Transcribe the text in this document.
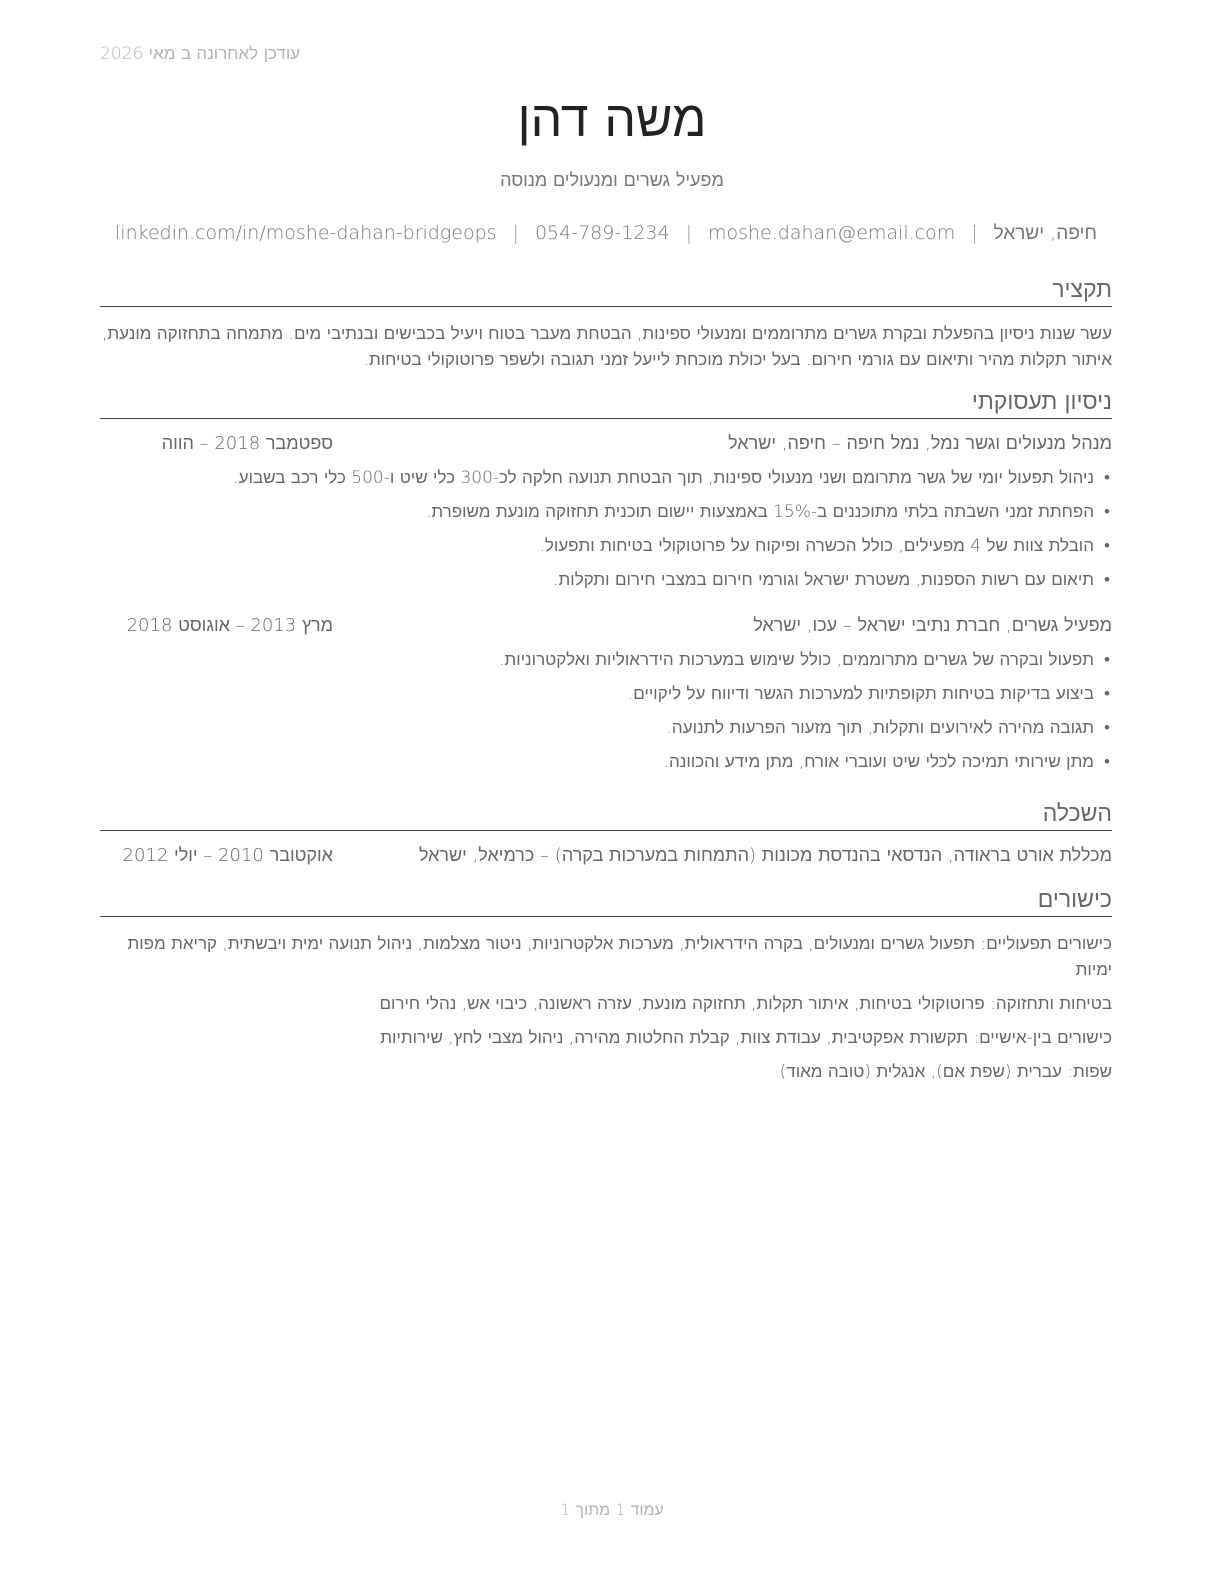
עודכן לאחרונה ב מאי 2026
משה דהן
מפעיל גשרים ומנעולים מנוסה
חיפה, ישראל
|
moshe.dahan@email.com
|
054-789-1234
|
linkedin.com/in/moshe-dahan-bridgeops
תקציר
עשר שנות ניסיון בהפעלת ובקרת גשרים מתרוממים ומנעולי ספינות, הבטחת מעבר בטוח ויעיל בכבישים ובנתיבי מים. מתמחה בתחזוקה מונעת, איתור תקלות מהיר ותיאום עם גורמי חירום. בעל יכולת מוכחת לייעל זמני תגובה ולשפר פרוטוקולי בטיחות.
ניסיון תעסוקתי
מנהל מנעולים וגשר נמל, נמל חיפה – חיפה, ישראל
ספטמבר 2018 – הווה
• ניהול תפעול יומי של גשר מתרומם ושני מנעולי ספינות, תוך הבטחת תנועה חלקה לכ-300 כלי שיט ו-500 כלי רכב בשבוע.
• הפחתת זמני השבתה בלתי מתוכננים ב-15% באמצעות יישום תוכנית תחזוקה מונעת משופרת.
• הובלת צוות של 4 מפעילים, כולל הכשרה ופיקוח על פרוטוקולי בטיחות ותפעול.
• תיאום עם רשות הספנות, משטרת ישראל וגורמי חירום במצבי חירום ותקלות.
מפעיל גשרים, חברת נתיבי ישראל – עכו, ישראל
מרץ 2013 – אוגוסט 2018
• תפעול ובקרה של גשרים מתרוממים, כולל שימוש במערכות הידראוליות ואלקטרוניות.
• ביצוע בדיקות בטיחות תקופתיות למערכות הגשר ודיווח על ליקויים.
• תגובה מהירה לאירועים ותקלות, תוך מזעור הפרעות לתנועה.
• מתן שירותי תמיכה לכלי שיט ועוברי אורח, מתן מידע והכוונה.
השכלה
מכללת אורט בראודה, הנדסאי בהנדסת מכונות (התמחות במערכות בקרה) – כרמיאל, ישראל
אוקטובר 2010 – יולי 2012
כישורים
כישורים תפעוליים: תפעול גשרים ומנעולים, בקרה הידראולית, מערכות אלקטרוניות, ניטור מצלמות, ניהול תנועה ימית ויבשתית, קריאת מפות ימיות
בטיחות ותחזוקה: פרוטוקולי בטיחות, איתור תקלות, תחזוקה מונעת, עזרה ראשונה, כיבוי אש, נהלי חירום
כישורים בין-אישיים: תקשורת אפקטיבית, עבודת צוות, קבלת החלטות מהירה, ניהול מצבי לחץ, שירותיות
שפות: עברית (שפת אם), אנגלית (טובה מאוד)
עמוד 1 מתוך 1
